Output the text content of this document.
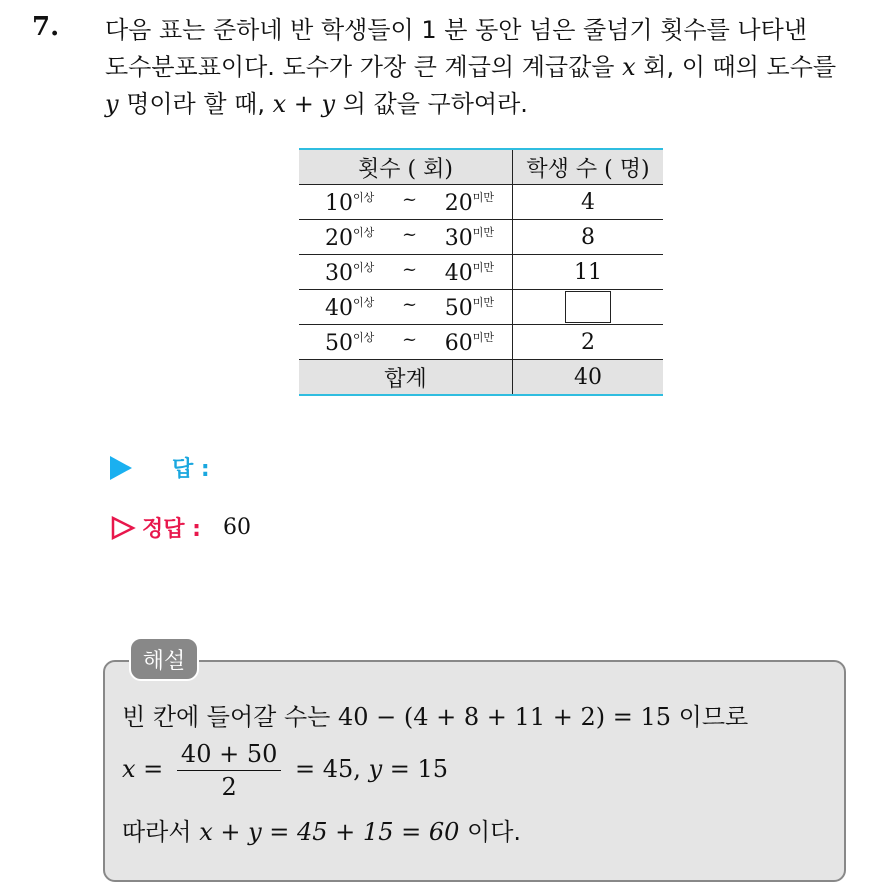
7. 다음 표는 준하네 반 학생들이 1 분 동안 넘은 줄넘기 횟수를 나타낸
도수분포표이다. 도수가 가장 큰 계급의 계급값을 x 회, 이 때의 도수를
y 명이라 할 때, x + y 의 값을 구하여라.
횟수 ( 회)	학생 수 ( 명)

$10^{이상}$ ~ $20^{미만}$	4

$20^{이상}$ ~ $30^{미만}$	8

$30^{이상}$ ~ $40^{미만}$	11

$40^{이상}$ ~ $50^{미만}$

$50^{이상}$ ~ $60^{미만}$	2
합계	40
답 :
정답 : 60
해설
빈 칸에 들어갈 수는 40 − (4 + 8 + 11 + 2) = 15 이므로
$x = \frac{40 + 50}{2} = 45$, y = 15
따라서 x + y = 45 + 15 = 60 이다.
